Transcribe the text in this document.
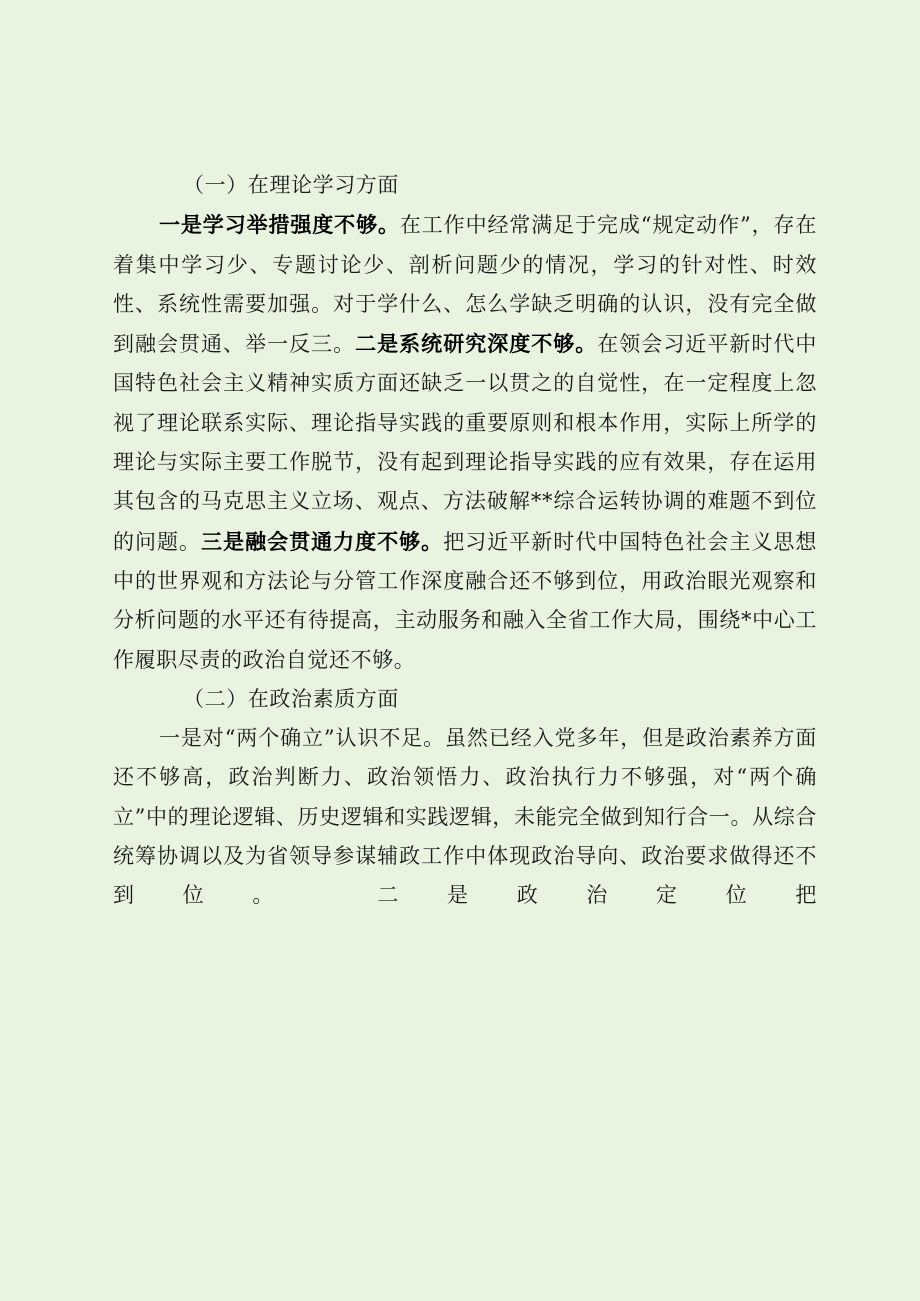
（一）在理论学习方面

一是学习举措强度不够。在工作中经常满足于完成“规定动作”，存在着集中学习少、专题讨论少、剖析问题少的情况，学习的针对性、时效性、系统性需要加强。对于学什么、怎么学缺乏明确的认识，没有完全做到融会贯通、举一反三。二是系统研究深度不够。在领会习近平新时代中国特色社会主义精神实质方面还缺乏一以贯之的自觉性，在一定程度上忽视了理论联系实际、理论指导实践的重要原则和根本作用，实际上所学的理论与实际主要工作脱节，没有起到理论指导实践的应有效果，存在运用其包含的马克思主义立场、观点、方法破解**综合运转协调的难题不到位的问题。三是融会贯通力度不够。把习近平新时代中国特色社会主义思想中的世界观和方法论与分管工作深度融合还不够到位，用政治眼光观察和分析问题的水平还有待提高，主动服务和融入全省工作大局，围绕*中心工作履职尽责的政治自觉还不够。

（二）在政治素质方面

一是对“两个确立”认识不足。虽然已经入党多年，但是政治素养方面还不够高，政治判断力、政治领悟力、政治执行力不够强，对“两个确立”中的理论逻辑、历史逻辑和实践逻辑，未能完全做到知行合一。从综合统筹协调以及为省领导参谋辅政工作中体现政治导向、政治要求做得还不到位。	二是政治定位把
